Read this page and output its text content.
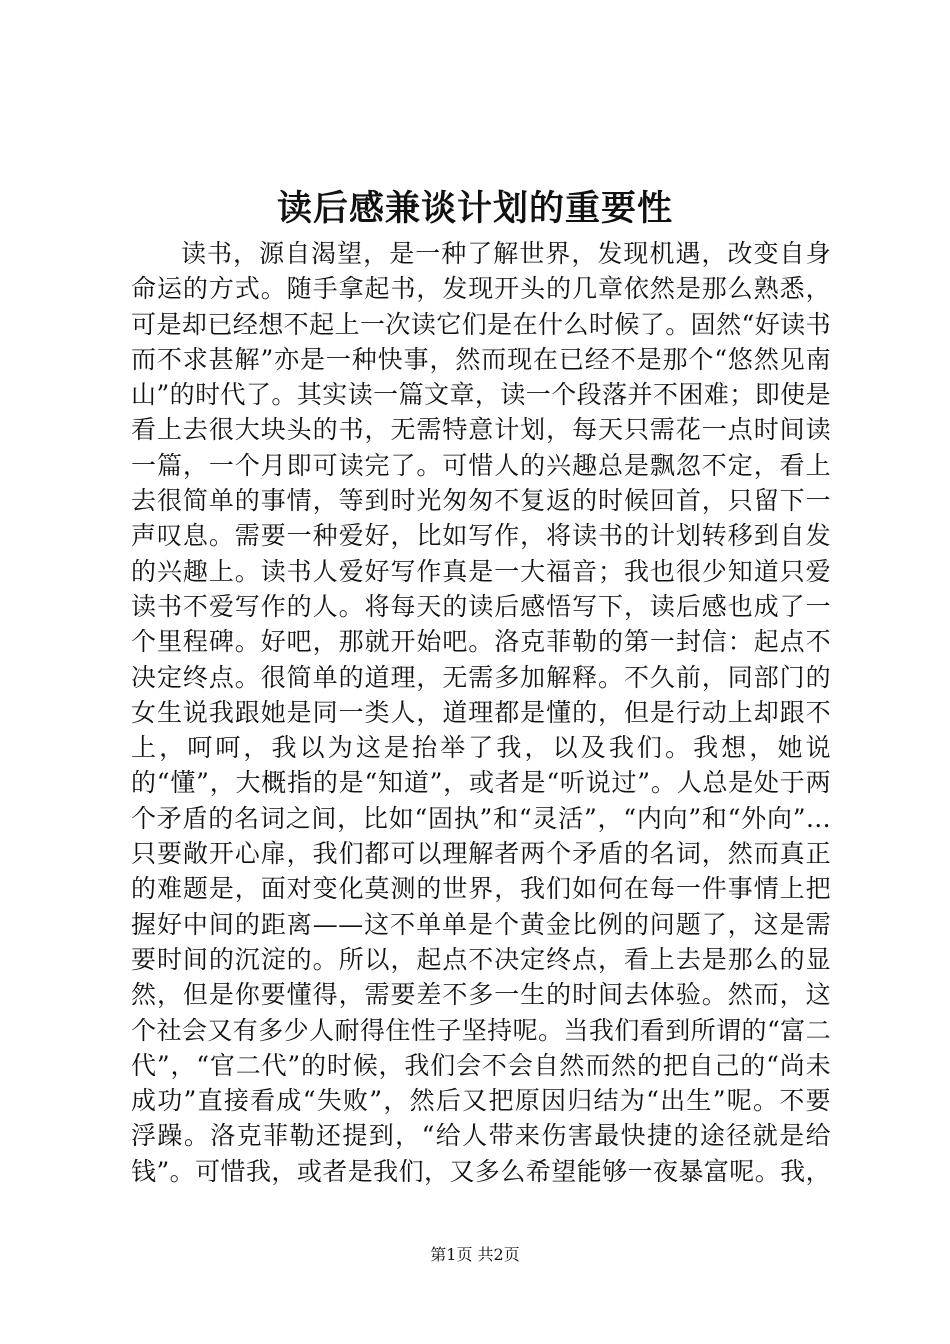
读后感兼谈计划的重要性

读书，源自渴望，是一种了解世界，发现机遇，改变自身命运的方式。随手拿起书，发现开头的几章依然是那么熟悉，可是却已经想不起上一次读它们是在什么时候了。固然“好读书而不求甚解”亦是一种快事，然而现在已经不是那个“悠然见南山”的时代了。其实读一篇文章，读一个段落并不困难；即使是看上去很大块头的书，无需特意计划，每天只需花一点时间读一篇，一个月即可读完了。可惜人的兴趣总是飘忽不定，看上去很简单的事情，等到时光匆匆不复返的时候回首，只留下一声叹息。需要一种爱好，比如写作，将读书的计划转移到自发的兴趣上。读书人爱好写作真是一大福音；我也很少知道只爱读书不爱写作的人。将每天的读后感悟写下，读后感也成了一个里程碑。好吧，那就开始吧。洛克菲勒的第一封信：起点不决定终点。很简单的道理，无需多加解释。不久前，同部门的女生说我跟她是同一类人，道理都是懂的，但是行动上却跟不上，呵呵，我以为这是抬举了我，以及我们。我想，她说的“懂”，大概指的是“知道”，或者是“听说过”。人总是处于两个矛盾的名词之间，比如“固执”和“灵活”，“内向”和“外向”...只要敞开心扉，我们都可以理解者两个矛盾的名词，然而真正的难题是，面对变化莫测的世界，我们如何在每一件事情上把握好中间的距离——这不单单是个黄金比例的问题了，这是需要时间的沉淀的。所以，起点不决定终点，看上去是那么的显然，但是你要懂得，需要差不多一生的时间去体验。然而，这个社会又有多少人耐得住性子坚持呢。当我们看到所谓的“富二代”，“官二代”的时候，我们会不会自然而然的把自己的“尚未成功”直接看成“失败”，然后又把原因归结为“出生”呢。不要浮躁。洛克菲勒还提到，“给人带来伤害最快捷的途径就是给钱”。可惜我，或者是我们，又多么希望能够一夜暴富呢。我，

第1页 共2页
